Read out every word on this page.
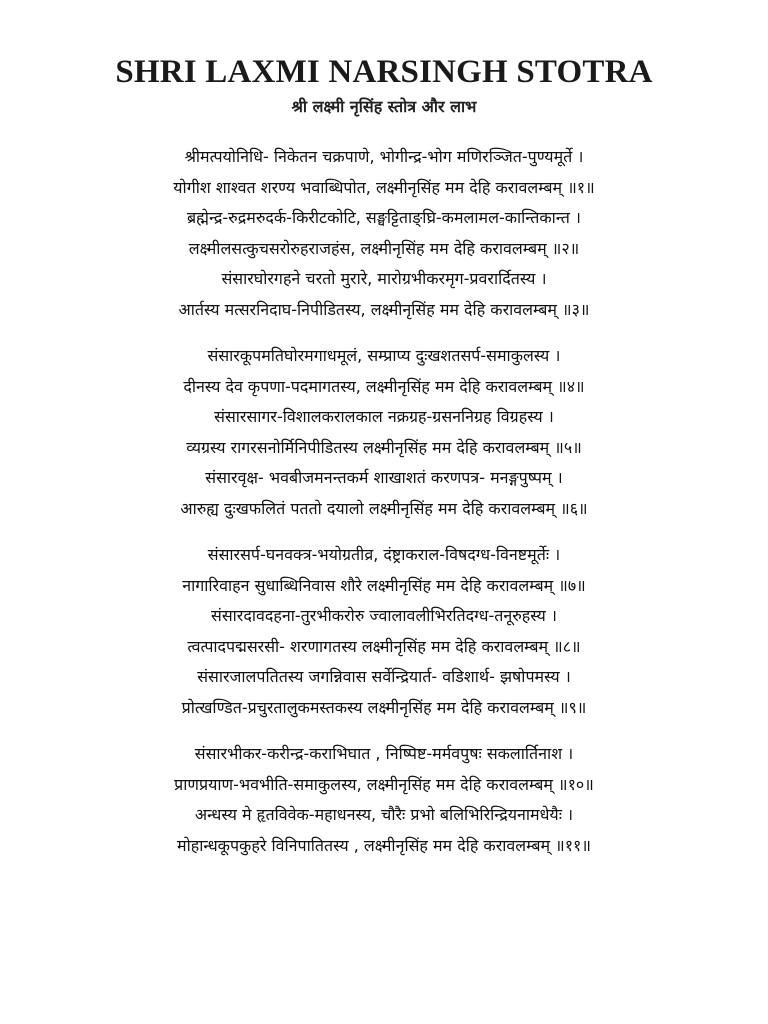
SHRI LAXMI NARSINGH STOTRA
श्री लक्ष्मी नृसिंह स्तोत्र और लाभ
श्रीमत्पयोनिधि- निकेतन चक्रपाणे, भोगीन्द्र-भोग मणिरञ्जित-पुण्यमूर्ते ।
योगीश शाश्वत शरण्य भवाब्धिपोत, लक्ष्मीनृसिंह मम देहि करावलम्बम् ॥१॥
ब्रह्मेन्द्र-रुद्रमरुदर्क-किरीटकोटि, सङ्घट्टिताङ्घ्रि-कमलामल-कान्तिकान्त ।
लक्ष्मीलसत्कुचसरोरुहराजहंस, लक्ष्मीनृसिंह मम देहि करावलम्बम् ॥२॥
संसारघोरगहने चरतो मुरारे, मारोग्रभीकरमृग-प्रवरार्दितस्य ।
आर्तस्य मत्सरनिदाघ-निपीडितस्य, लक्ष्मीनृसिंह मम देहि करावलम्बम् ॥३॥
संसारकूपमतिघोरमगाधमूलं, सम्प्राप्य दुःखशतसर्प-समाकुलस्य ।
दीनस्य देव कृपणा-पदमागतस्य, लक्ष्मीनृसिंह मम देहि करावलम्बम् ॥४॥
संसारसागर-विशालकरालकाल नक्रग्रह-ग्रसननिग्रह विग्रहस्य ।
व्यग्रस्य रागरसनोर्मिनिपीडितस्य लक्ष्मीनृसिंह मम देहि करावलम्बम् ॥५॥
संसारवृक्ष- भवबीजमनन्तकर्म शाखाशतं करणपत्र- मनङ्गपुष्पम् ।
आरुह्य दुःखफलितं पततो दयालो लक्ष्मीनृसिंह मम देहि करावलम्बम् ॥६॥
संसारसर्प-घनवक्त्र-भयोग्रतीव्र, दंष्ट्राकराल-विषदग्ध-विनष्टमूर्तेः ।
नागारिवाहन सुधाब्धिनिवास शौरे लक्ष्मीनृसिंह मम देहि करावलम्बम् ॥७॥
संसारदावदहना-तुरभीकरोरु ज्वालावलीभिरतिदग्ध-तनूरुहस्य ।
त्वत्पादपद्मसरसी- शरणागतस्य लक्ष्मीनृसिंह मम देहि करावलम्बम् ॥८॥
संसारजालपतितस्य जगन्निवास सर्वेन्द्रियार्त- वडिशार्थ- झषोपमस्य ।
प्रोत्खण्डित-प्रचुरतालुकमस्तकस्य लक्ष्मीनृसिंह मम देहि करावलम्बम् ॥९॥
संसारभीकर-करीन्द्र-कराभिघात , निष्पिष्ट-मर्मवपुषः सकलार्तिनाश ।
प्राणप्रयाण-भवभीति-समाकुलस्य, लक्ष्मीनृसिंह मम देहि करावलम्बम् ॥१०॥
अन्धस्य मे हृतविवेक-महाधनस्य, चौरैः प्रभो बलिभिरिन्द्रियनामधेयैः ।
मोहान्धकूपकुहरे विनिपातितस्य , लक्ष्मीनृसिंह मम देहि करावलम्बम् ॥११॥
